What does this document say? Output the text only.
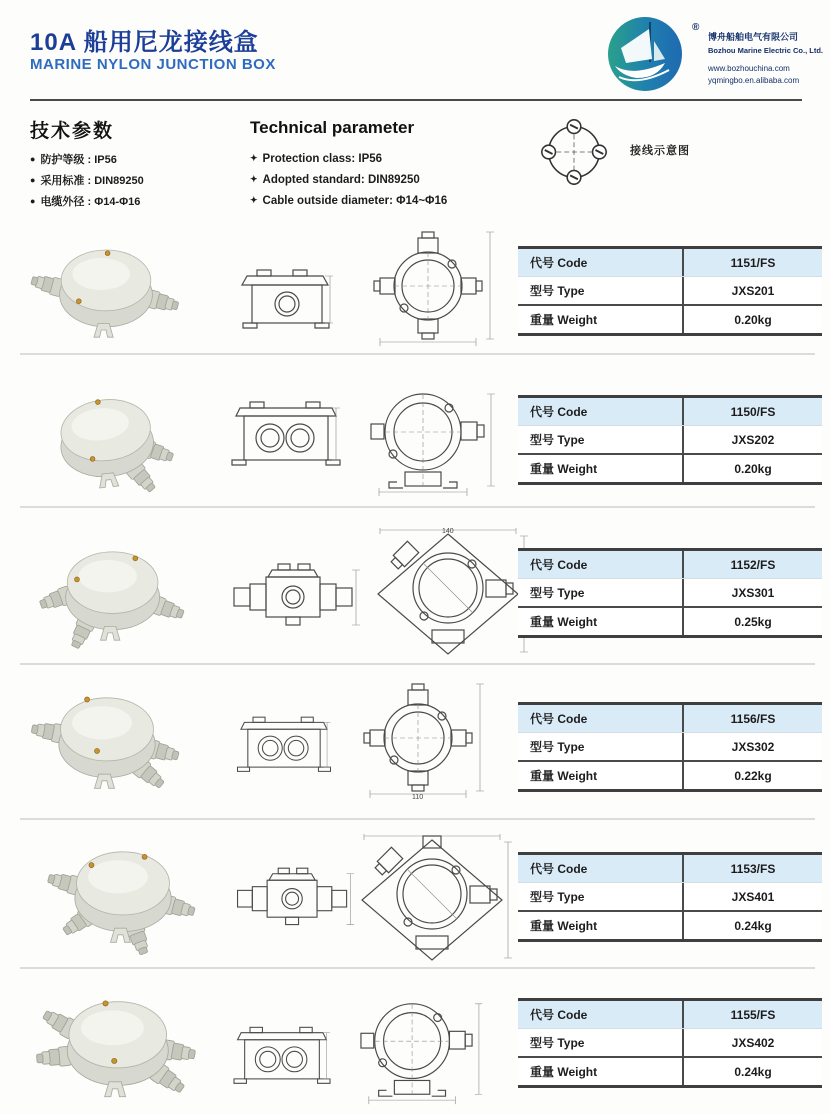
10A 船用尼龙接线盒
MARINE NYLON JUNCTION BOX
®
博舟船舶电气有限公司
Bozhou Marine Electric Co., Ltd.
www.bozhouchina.com
yqmingbo.en.alibaba.com
技术参数
● 防护等级 : IP56
● 采用标准 : DIN89250
● 电缆外径 : Φ14-Φ16
Technical parameter
✦ Protection class: IP56
✦ Adopted standard: DIN89250
✦ Cable outside diameter: Φ14~Φ16
接线示意图
代号 Code	1151/FS
型号 Type	JXS201
重量 Weight	0.20kg
代号 Code	1150/FS
型号 Type	JXS202
重量 Weight	0.20kg
140
代号 Code	1152/FS
型号 Type	JXS301
重量 Weight	0.25kg
110
代号 Code	1156/FS
型号 Type	JXS302
重量 Weight	0.22kg
代号 Code	1153/FS
型号 Type	JXS401
重量 Weight	0.24kg
代号 Code	1155/FS
型号 Type	JXS402
重量 Weight	0.24kg
